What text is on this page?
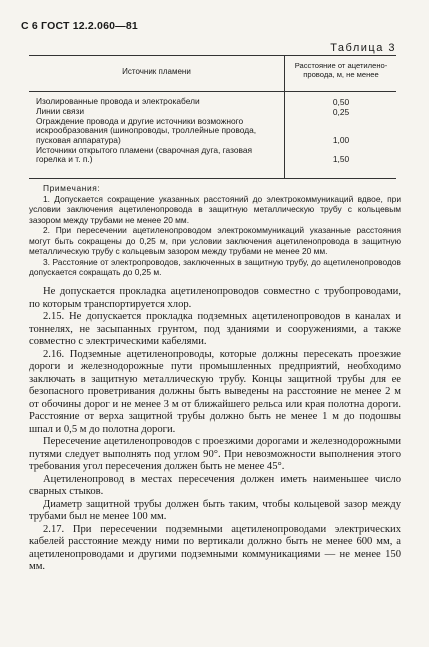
С 6 ГОСТ 12.2.060—81
Таблица 3
Источник пламени
Расстояние от ацетилено-провода, м, не менее
Изолированные провода и электрокабели	0,50
Линии связи	0,25
Ограждение провода и другие источники возможного искрообразования (шинопроводы, троллейные провода, пусковая аппаратура)	1,00
Источники открытого пламени (сварочная дуга, газовая горелка и т. п.)	1,50

Примечания:

1. Допускается сокращение указанных расстояний до электрокоммуникаций вдвое, при условии заключения ацетиленопровода в защитную металлическую трубу с кольцевым зазором между трубами не менее 20 мм.

2. При пересечении ацетиленопроводом электрокоммуникаций указанные расстояния могут быть сокращены до 0,25 м, при условии заключения ацетиленопровода в защитную металлическую трубу с кольцевым зазором между трубами не менее 20 мм.

3. Расстояние от электропроводов, заключенных в защитную трубу, до ацетиленопроводов допускается сокращать до 0,25 м.

Не допускается прокладка ацетиленопроводов совместно с трубопроводами, по которым транспортируется хлор.

2.15. Не допускается прокладка подземных ацетиленопроводов в каналах и тоннелях, не засыпанных грунтом, под зданиями и сооружениями, а также совместно с электрическими кабелями.

2.16. Подземные ацетиленопроводы, которые должны пересекать проезжие дороги и железнодорожные пути промышленных предприятий, необходимо заключать в защитную металлическую трубу. Концы защитной трубы для ее безопасного проветривания должны быть выведены на расстояние не менее 2 м от обочины дорог и не менее 3 м от ближайшего рельса или края полотна дороги. Расстояние от верха защитной трубы должно быть не менее 1 м до подошвы шпал и 0,5 м до полотна дороги.

Пересечение ацетиленопроводов с проезжими дорогами и железнодорожными путями следует выполнять под углом 90°. При невозможности выполнения этого требования угол пересечения должен быть не менее 45°.

Ацетиленопровод в местах пересечения должен иметь наименьшее число сварных стыков.

Диаметр защитной трубы должен быть таким, чтобы кольцевой зазор между трубами был не менее 100 мм.

2.17. При пересечении подземными ацетиленопроводами электрических кабелей расстояние между ними по вертикали должно быть не менее 600 мм, а ацетиленопроводами и другими подземными коммуникациями — не менее 150 мм.
